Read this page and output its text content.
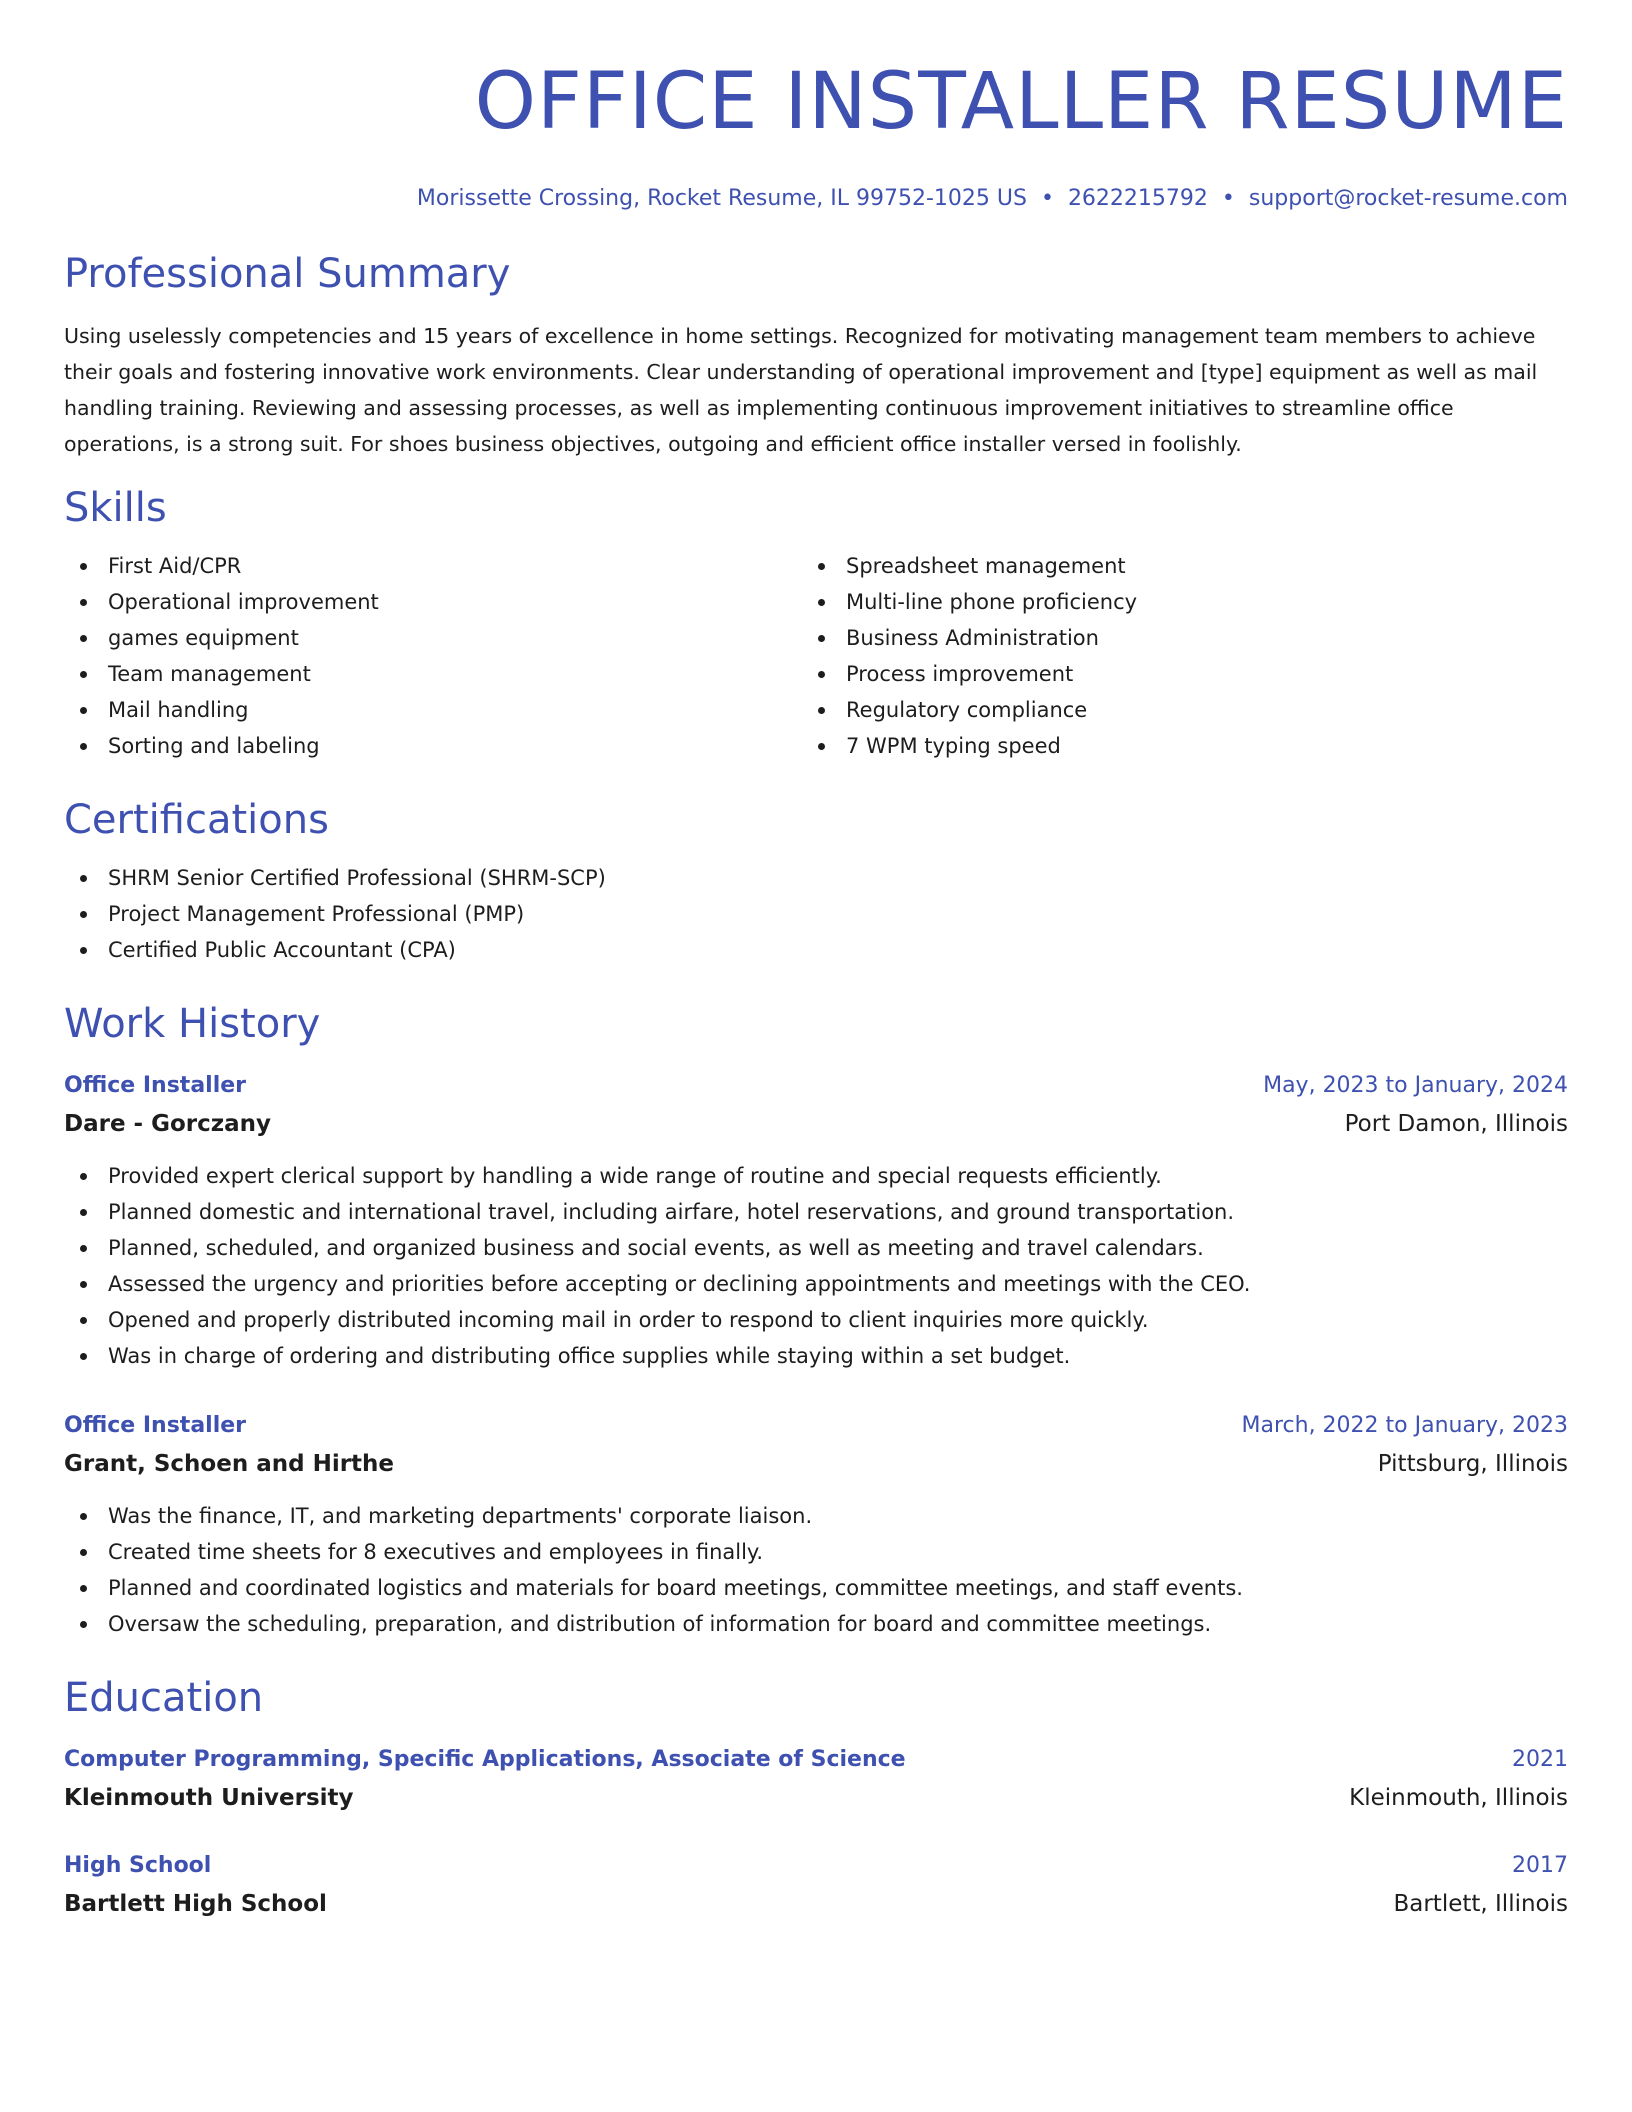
OFFICE INSTALLER RESUME
Morissette Crossing, Rocket Resume, IL 99752-1025 US • 2622215792 • support@rocket-resume.com
Professional Summary

Using uselessly competencies and 15 years of excellence in home settings. Recognized for motivating management team members to achieve their goals and fostering innovative work environments. Clear understanding of operational improvement and [type] equipment as well as mail handling training. Reviewing and assessing processes, as well as implementing continuous improvement initiatives to streamline office operations, is a strong suit. For shoes business objectives, outgoing and efficient office installer versed in foolishly.

Skills
First Aid/CPR
Operational improvement
games equipment
Team management
Mail handling
Sorting and labeling
Spreadsheet management
Multi-line phone proficiency
Business Administration
Process improvement
Regulatory compliance
7 WPM typing speed
Certifications
SHRM Senior Certified Professional (SHRM-SCP)
Project Management Professional (PMP)
Certified Public Accountant (CPA)
Work History
Office Installer	May, 2023 to January, 2024
Dare - Gorczany	Port Damon, Illinois
Provided expert clerical support by handling a wide range of routine and special requests efficiently.
Planned domestic and international travel, including airfare, hotel reservations, and ground transportation.
Planned, scheduled, and organized business and social events, as well as meeting and travel calendars.
Assessed the urgency and priorities before accepting or declining appointments and meetings with the CEO.
Opened and properly distributed incoming mail in order to respond to client inquiries more quickly.
Was in charge of ordering and distributing office supplies while staying within a set budget.
Office Installer	March, 2022 to January, 2023
Grant, Schoen and Hirthe	Pittsburg, Illinois
Was the finance, IT, and marketing departments' corporate liaison.
Created time sheets for 8 executives and employees in finally.
Planned and coordinated logistics and materials for board meetings, committee meetings, and staff events.
Oversaw the scheduling, preparation, and distribution of information for board and committee meetings.
Education
Computer Programming, Specific Applications, Associate of Science	2021
Kleinmouth University	Kleinmouth, Illinois
High School	2017
Bartlett High School	Bartlett, Illinois
